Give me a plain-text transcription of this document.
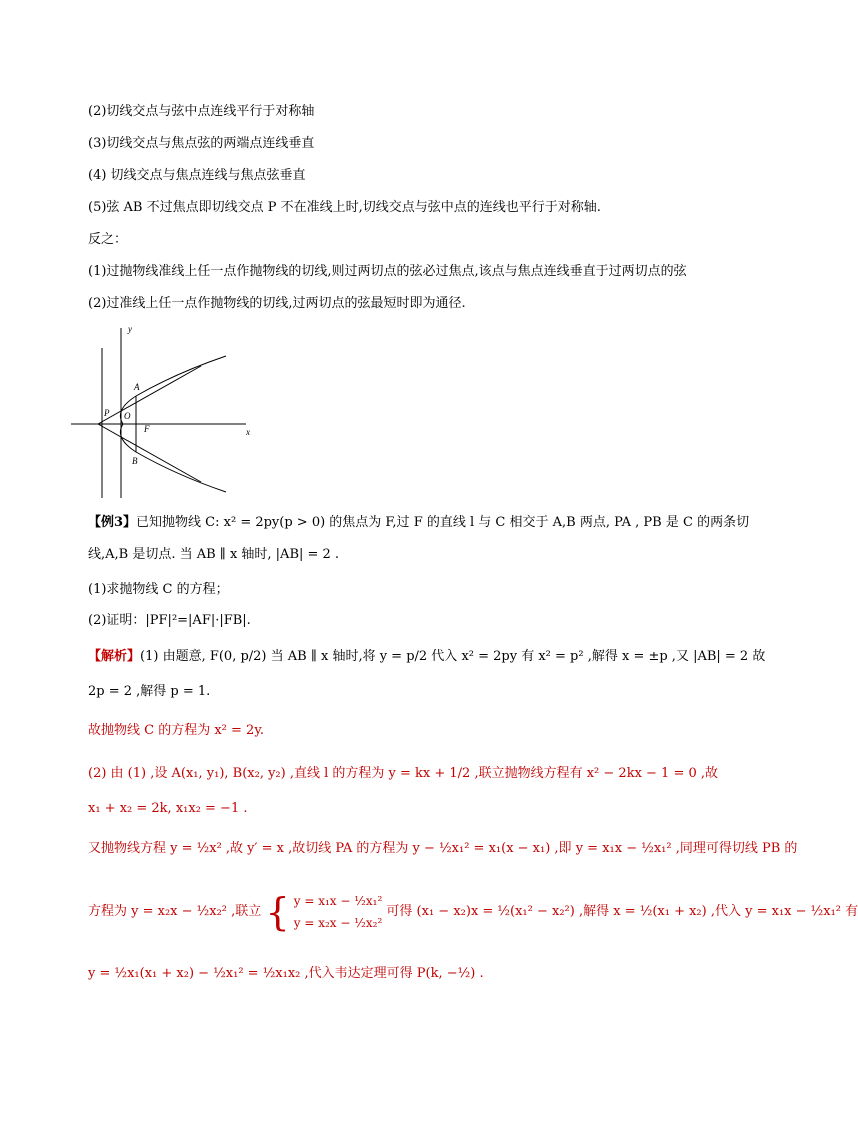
(2)切线交点与弦中点连线平行于对称轴
(3)切线交点与焦点弦的两端点连线垂直
(4) 切线交点与焦点连线与焦点弦垂直
(5)弦 AB 不过焦点即切线交点 P 不在准线上时,切线交点与弦中点的连线也平行于对称轴.
反之：
(1)过抛物线准线上任一点作抛物线的切线,则过两切点的弦必过焦点,该点与焦点连线垂直于过两切点的弦
(2)过准线上任一点作抛物线的切线,过两切点的弦最短时即为通径.
y
x
A
P O
F
B
【例3】已知抛物线 C: x² = 2py(p > 0) 的焦点为 F,过 F 的直线 l 与 C 相交于 A,B 两点, PA , PB 是 C 的两条切
线,A,B 是切点. 当 AB ∥ x 轴时, |AB| = 2 .
(1)求抛物线 C 的方程；
(2)证明：|PF|²=|AF|·|FB|.
【解析】(1) 由题意, F(0, p/2) 当 AB ∥ x 轴时,将 y = p/2 代入 x² = 2py 有 x² = p² ,解得 x = ±p ,又 |AB| = 2 故
2p = 2 ,解得 p = 1.
故抛物线 C 的方程为 x² = 2y.
(2) 由 (1) ,设 A(x₁, y₁), B(x₂, y₂) ,直线 l 的方程为 y = kx + 1/2 ,联立抛物线方程有 x² − 2kx − 1 = 0 ,故
x₁ + x₂ = 2k, x₁x₂ = −1 .
又抛物线方程 y = ½x² ,故 y′ = x ,故切线 PA 的方程为 y − ½x₁² = x₁(x − x₁) ,即 y = x₁x − ½x₁² ,同理可得切线 PB 的
方程为 y = x₂x − ½x₂² ,联立 { y = x₁x − ½x₁²
y = x₂x − ½x₂²
可得 (x₁ − x₂)x = ½(x₁² − x₂²) ,解得 x = ½(x₁ + x₂) ,代入 y = x₁x − ½x₁² 有
y = ½x₁(x₁ + x₂) − ½x₁² = ½x₁x₂ ,代入韦达定理可得 P(k, −½) .
